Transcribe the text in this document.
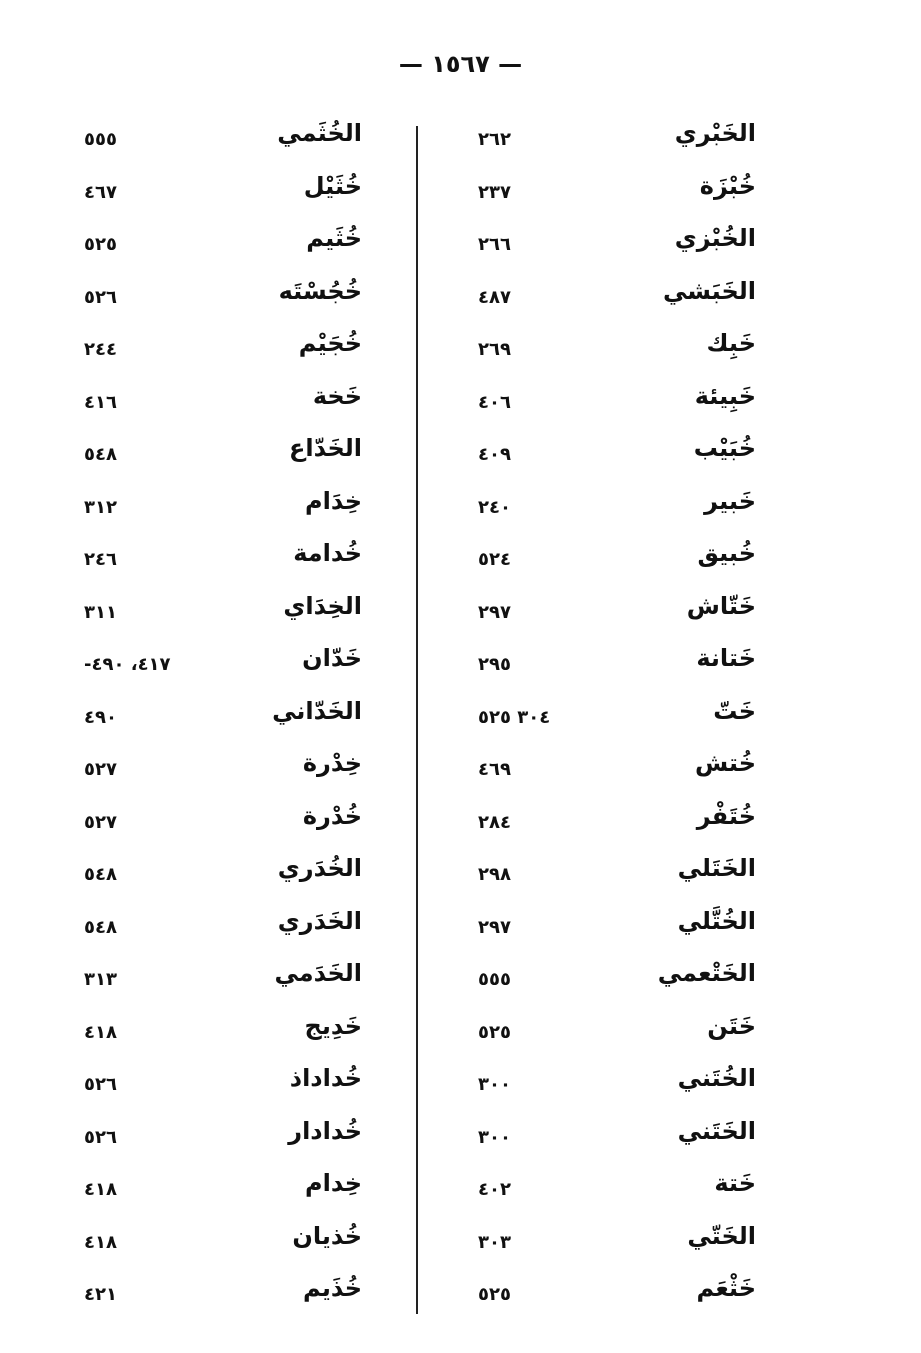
— ١٥٦٧ —
الخَبْري
٢٦٢
خُبْزَة
٢٣٧
الخُبْزي
٢٦٦
الخَبَشي
٤٨٧
خَبِك
٢٦٩
خَبِيئة
٤٠٦
خُبَيْب
٤٠٩
خَبير
٢٤٠
خُبيق
٥٢٤
خَتّاش
٢٩٧
خَتانة
٢٩٥
خَتّ
٣٠٤ ٥٢٥
خُتش
٤٦٩
خُتَفْر
٢٨٤
الخَتَلي
٢٩٨
الخُتَّلي
٢٩٧
الخَتْعمي
٥٥٥
خَتَن
٥٢٥
الخُتَني
٣٠٠
الخَتَني
٣٠٠
خَتة
٤٠٢
الخَتّي
٣٠٣
خَثْعَم
٥٢٥
الخُثَمي
٥٥٥
خُثَيْل
٤٦٧
خُثَيم
٥٢٥
خُجُسْتَه
٥٢٦
خُجَيْم
٢٤٤
خَخة
٤١٦
الخَدّاع
٥٤٨
خِدَام
٣١٢
خُدامة
٢٤٦
الخِدَاي
٣١١
خَدّان
٤١٧، ٤٩٠-
الخَدّاني
٤٩٠
خِدْرة
٥٢٧
خُدْرة
٥٢٧
الخُدَري
٥٤٨
الخَدَري
٥٤٨
الخَدَمي
٣١٣
خَدِيج
٤١٨
خُداداذ
٥٢٦
خُدادار
٥٢٦
خِدام
٤١٨
خُذيان
٤١٨
خُذَيم
٤٢١
